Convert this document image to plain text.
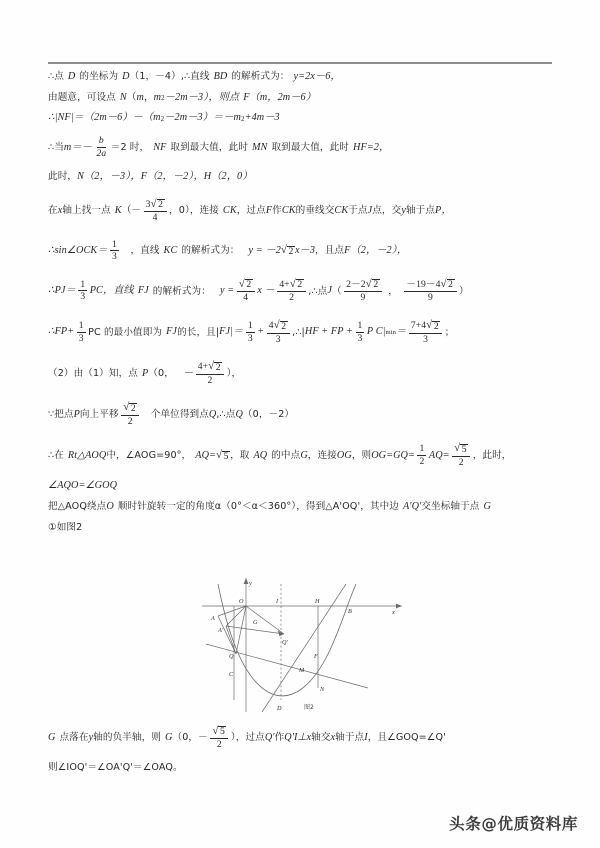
∴点 D 的坐标为 D （1，－4） ,∴直线 BD 的解析式为： y=2x－6，
由题意，可设点 N （ m ， m 2 －2m－3），则点 F （m，2m－6）
∴|NF|＝（2m－6）－（ m 2 －2m－3）＝－m 2 +4m－3
∴当 $m =- \frac{b}{2a} =2$ 时， NF 取到最大值，此时 MN 取到最大值，此时 HF=2，
此时， N （2，－3）， F （2，－2）， H （2，0）
在 x 轴上找一点 K （－ $\frac{3 √ 2}{4}$ ，0），连接 CK ，过点 F 作 CK 的垂线交 CK 于点 J 点，交 y 轴于点 P，
∴sin∠OCK＝ $\frac{1}{3}$ ，直线 KC 的解析式为： y = －2 √ 2 x－3 ，且点 F （2，－2），
∴PJ＝ $\frac{1}{3}$ PC，直线 FJ 的解析式为： $y = \frac{√ 2}{4}$ $x - \frac{4+ √ 2}{2}$ ,∴点 J （ $\frac{2-2 √ 2}{9}$ ， $\frac{-19-4 √ 2}{9}$ ）
∴FP+ $\frac{1}{3}$ PC 的最小值即为 FJ 的长，且| FJ |＝ $\frac{1}{3} + \frac{4 √ 2}{3}$ ,∴| HF + FP + $\frac{1}{3}$ P C | $\min = \frac{7+4 √ 2}{3}$ ；
（2）由（1）知，点 P （0， － $\frac{4+ √ 2}{2}$ ），
∵把点 P 向上平移 $\frac{√ 2}{2}$ 个单位得到点 Q ,∴点 Q （0，－2）
∴在 Rt △AOQ 中，∠AOG=90°， AQ= √ 5 ，取 AQ 的中点 G ，连接 OG ，则 $OG=GQ= \frac{1}{2} AQ= \frac{√ 5}{2}$ ，此时，
∠AQO=∠GOQ
把△AOQ绕点 O 顺时针旋转一定的角度α（0°＜α＜360°），得到△A'OQ'，其中边 A'Q' 交坐标轴于点 G
①如图2
O
A
A'
G
Q'
Q
C
D
I	H
B
F
M
N
x
y
图2
G 点落在 y 轴的负半轴，则 G （0，－ $\frac{√ 5}{2}$ ），过点 Q' 作 Q'I⊥x 轴交 x 轴于点 I ，且∠GOQ=∠Q'
则∠IOQ'＝∠OA'Q'＝∠OAQ。
头条@优质资料库
